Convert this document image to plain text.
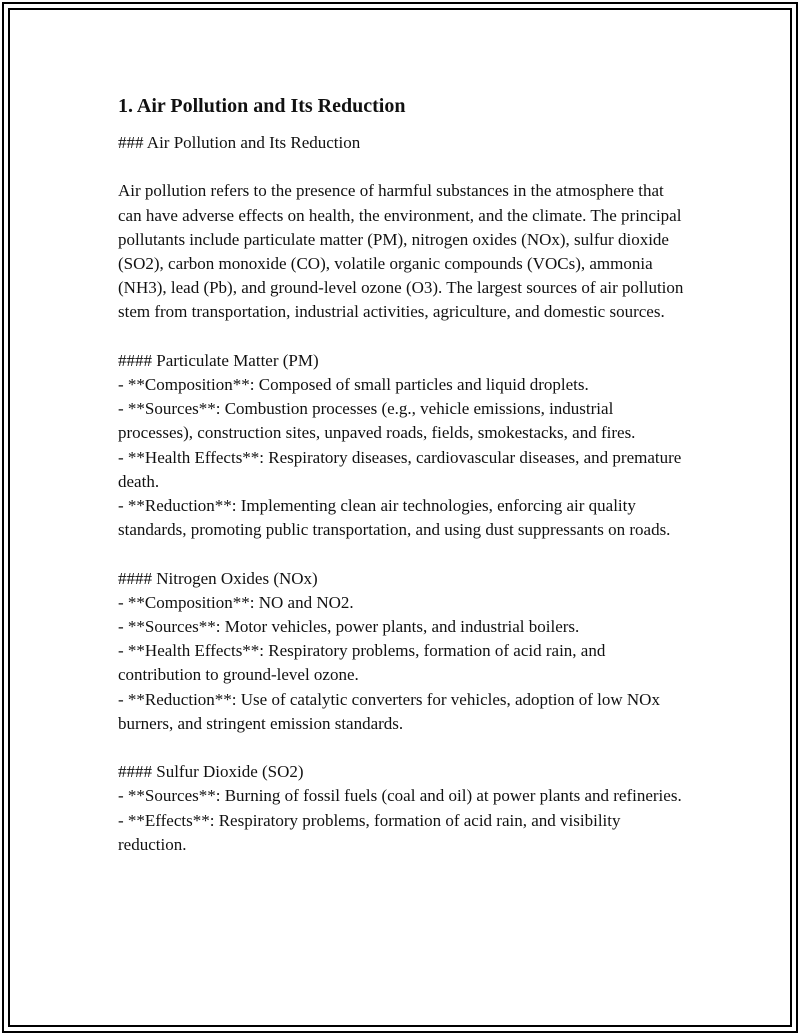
1. Air Pollution and Its Reduction

### Air Pollution and Its Reduction

Air pollution refers to the presence of harmful substances in the atmosphere that can have adverse effects on health, the environment, and the climate. The principal pollutants include particulate matter (PM), nitrogen oxides (NOx), sulfur dioxide (SO2), carbon monoxide (CO), volatile organic compounds (VOCs), ammonia (NH3), lead (Pb), and ground-level ozone (O3). The largest sources of air pollution stem from transportation, industrial activities, agriculture, and domestic sources.

#### Particulate Matter (PM)

- **Composition**: Composed of small particles and liquid droplets.

- **Sources**: Combustion processes (e.g., vehicle emissions, industrial processes), construction sites, unpaved roads, fields, smokestacks, and fires.

- **Health Effects**: Respiratory diseases, cardiovascular diseases, and premature death.

- **Reduction**: Implementing clean air technologies, enforcing air quality standards, promoting public transportation, and using dust suppressants on roads.

#### Nitrogen Oxides (NOx)

- **Composition**: NO and NO2.

- **Sources**: Motor vehicles, power plants, and industrial boilers.

- **Health Effects**: Respiratory problems, formation of acid rain, and contribution to ground-level ozone.

- **Reduction**: Use of catalytic converters for vehicles, adoption of low NOx burners, and stringent emission standards.

#### Sulfur Dioxide (SO2)

- **Sources**: Burning of fossil fuels (coal and oil) at power plants and refineries.

- **Effects**: Respiratory problems, formation of acid rain, and visibility reduction.
